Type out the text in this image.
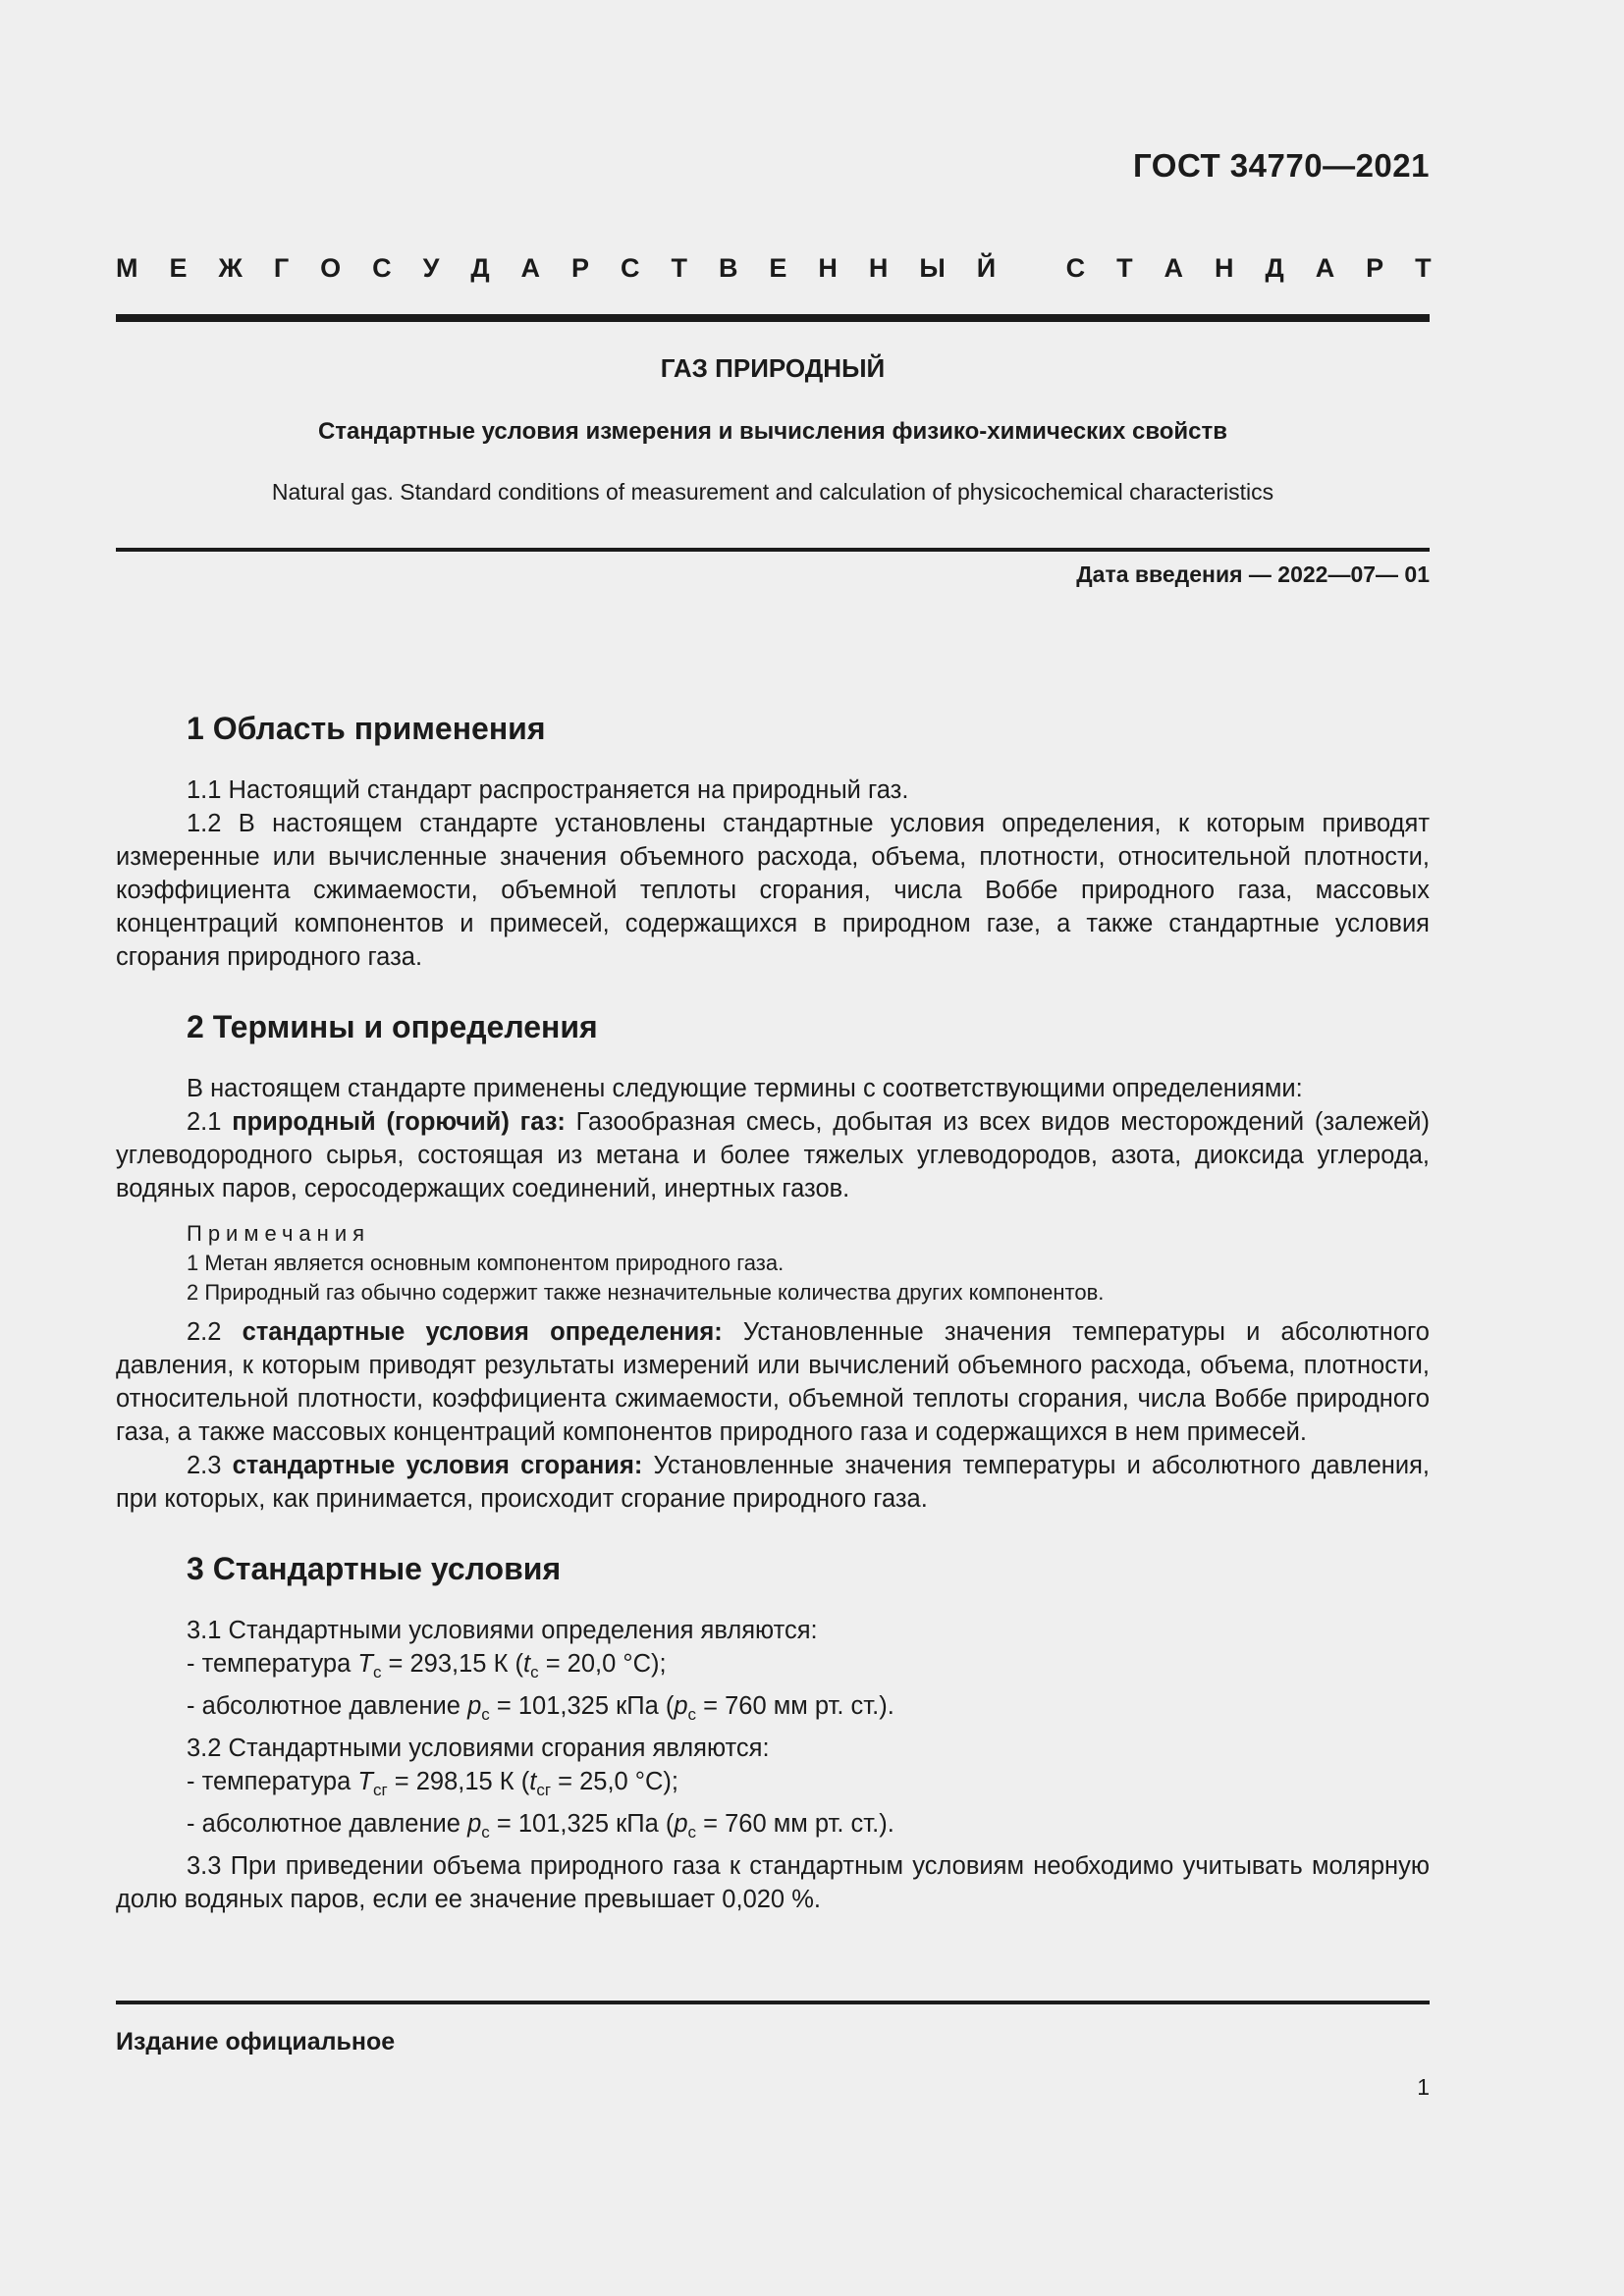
ГОСТ 34770—2021
М Е Ж Г О С У Д А Р С Т В Е Н Н Ы Й
	С Т А Н Д А Р Т
ГАЗ ПРИРОДНЫЙ
Стандартные условия измерения и вычисления физико-химических свойств
Natural gas. Standard conditions of measurement and calculation of physicochemical characteristics
Дата введения — 2022—07— 01
1 Область применения

1.1 Настоящий стандарт распространяется на природный газ.

1.2 В настоящем стандарте установлены стандартные условия определения, к которым приводят измеренные или вычисленные значения объемного расхода, объема, плотности, относительной плотности, коэффициента сжимаемости, объемной теплоты сгорания, числа Воббе природного газа, массовых концентраций компонентов и примесей, содержащихся в природном газе, а также стандартные условия сгорания природного газа.

2 Термины и определения

В настоящем стандарте применены следующие термины с соответствующими определениями:

2.1 природный (горючий) газ: Газообразная смесь, добытая из всех видов месторождений (залежей) углеводородного сырья, состоящая из метана и более тяжелых углеводородов, азота, диоксида углерода, водяных паров, серосодержащих соединений, инертных газов.

Примечания
1 Метан является основным компонентом природного газа.
2 Природный газ обычно содержит также незначительные количества других компонентов.

2.2 стандартные условия определения: Установленные значения температуры и абсолютного давления, к которым приводят результаты измерений или вычислений объемного расхода, объема, плотности, относительной плотности, коэффициента сжимаемости, объемной теплоты сгорания, числа Воббе природного газа, а также массовых концентраций компонентов природного газа и содержащихся в нем примесей.

2.3 стандартные условия сгорания: Установленные значения температуры и абсолютного давления, при которых, как принимается, происходит сгорание природного газа.

3 Стандартные условия

3.1 Стандартными условиями определения являются:

- температура $T_с = 293,15$ К ($t_с = 20,0$ °С);

- абсолютное давление $p_с = 101,325$ кПа ($p_с = 760$ мм рт. ст.).

3.2 Стандартными условиями сгорания являются:

- температура $T_{сг} = 298,15$ К ($t_{сг} = 25,0$ °С);

- абсолютное давление $p_с = 101,325$ кПа ($p_с = 760$ мм рт. ст.).

3.3 При приведении объема природного газа к стандартным условиям необходимо учитывать молярную долю водяных паров, если ее значение превышает 0,020 %.

Издание официальное
1
